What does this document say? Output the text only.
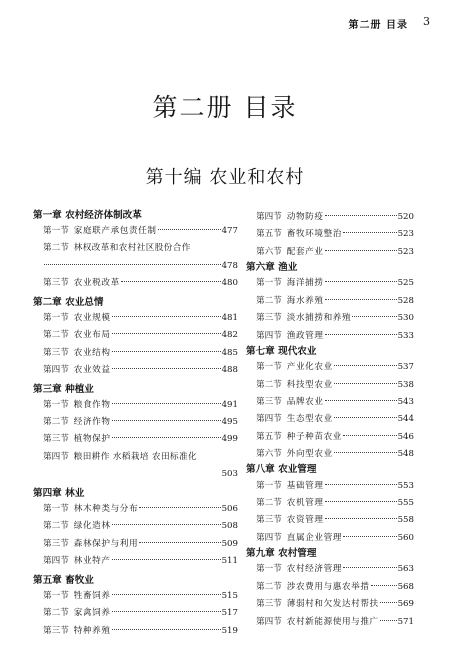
第二册 目录 3
第二册 目录
第十编 农业和农村
第一章 农村经济体制改革
第一节 家庭联产承包责任制	477
第二节 林权改革和农村社区股份合作
478
第三节 农业税改革	480
第二章 农业总情
第一节 农业规模	481
第二节 农业布局	482
第三节 农业结构	485
第四节 农业效益	488
第三章 种植业
第一节 粮食作物	491
第二节 经济作物	495
第三节 植物保护	499
第四节 粮田耕作 水稻栽培 农田标准化
503
第四章 林业
第一节 林木种类与分布	506
第二节 绿化造林	508
第三节 森林保护与利用	509
第四节 林业特产	511
第五章 畜牧业
第一节 牲畜饲养	515
第二节 家禽饲养	517
第三节 特种养殖	519
第四节 动物防疫	520
第五节 畜牧环境整治	523
第六节 配套产业	523
第六章 渔业
第一节 海洋捕捞	525
第二节 海水养殖	528
第三节 淡水捕捞和养殖	530
第四节 渔政管理	533
第七章 现代农业
第一节 产业化农业	537
第二节 科技型农业	538
第三节 品牌农业	543
第四节 生态型农业	544
第五节 种子种苗农业	546
第六节 外向型农业	548
第八章 农业管理
第一节 基础管理	553
第二节 农机管理	555
第三节 农资管理	558
第四节 直属企业管理	560
第九章 农村管理
第一节 农村经济管理	563
第二节 涉农费用与惠农举措	568
第三节 薄弱村和欠发达村帮扶 569
第四节 农村新能源使用与推广 571
